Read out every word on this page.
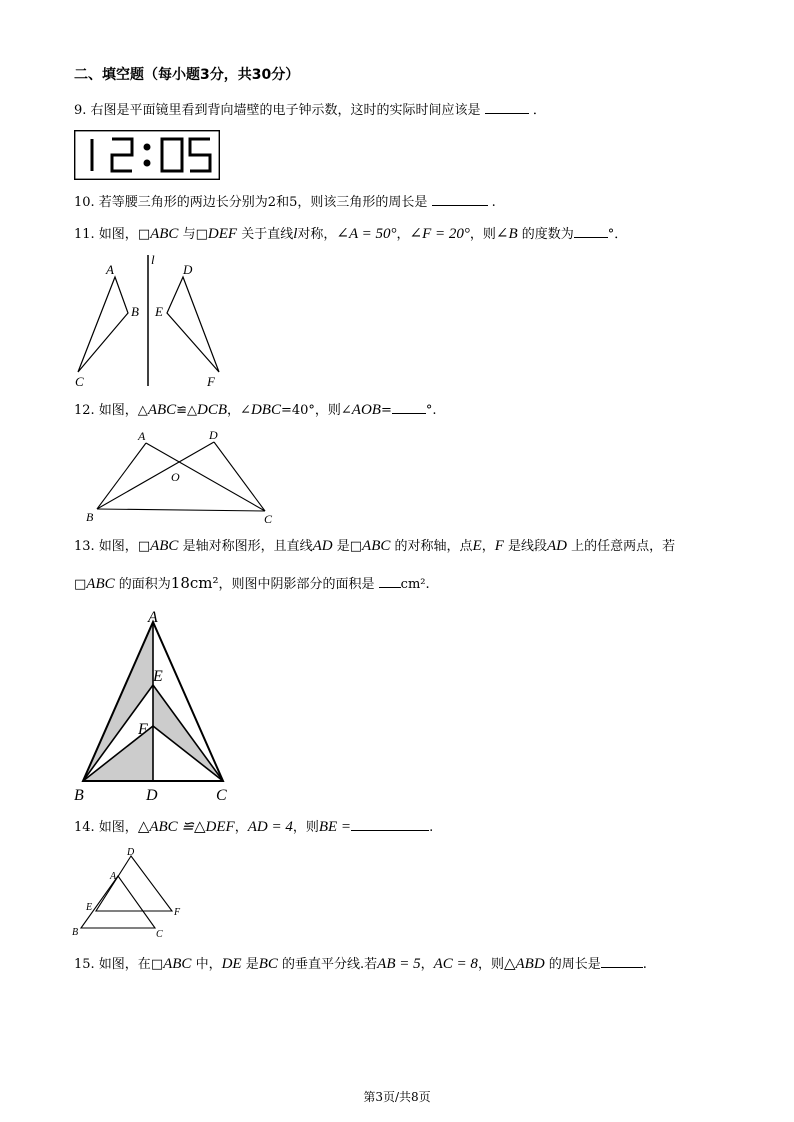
二、填空题（每小题3分，共30分）
9. 右图是平面镜里看到背向墙壁的电子钟示数，这时的实际时间应该是	．
10. 若等腰三角形的两边长分别为2和5，则该三角形的周长是	.
11. 如图，□ABC 与□DEF 关于直线l对称，∠A = 50°，∠F = 20°，则∠B 的度数为	°．
A
B
C
l
D
E
F
12. 如图，△ABC≌△DCB，∠DBC=40°，则∠AOB=	°.
A	D
O
B	C
13. 如图，□ABC 是轴对称图形，且直线AD 是□ABC 的对称轴，点E，F 是线段AD 上的任意两点，若
□ABC 的面积为18cm²，则图中阴影部分的面积是 cm².
A
E
F
B	D	C
14. 如图，△ABC ≌△DEF，AD = 4，则BE =	.
D
A
E	F
B	C
15. 如图，在□ABC 中，DE 是BC 的垂直平分线.若AB = 5，AC = 8，则△ABD 的周长是	.
第3页/共8页
